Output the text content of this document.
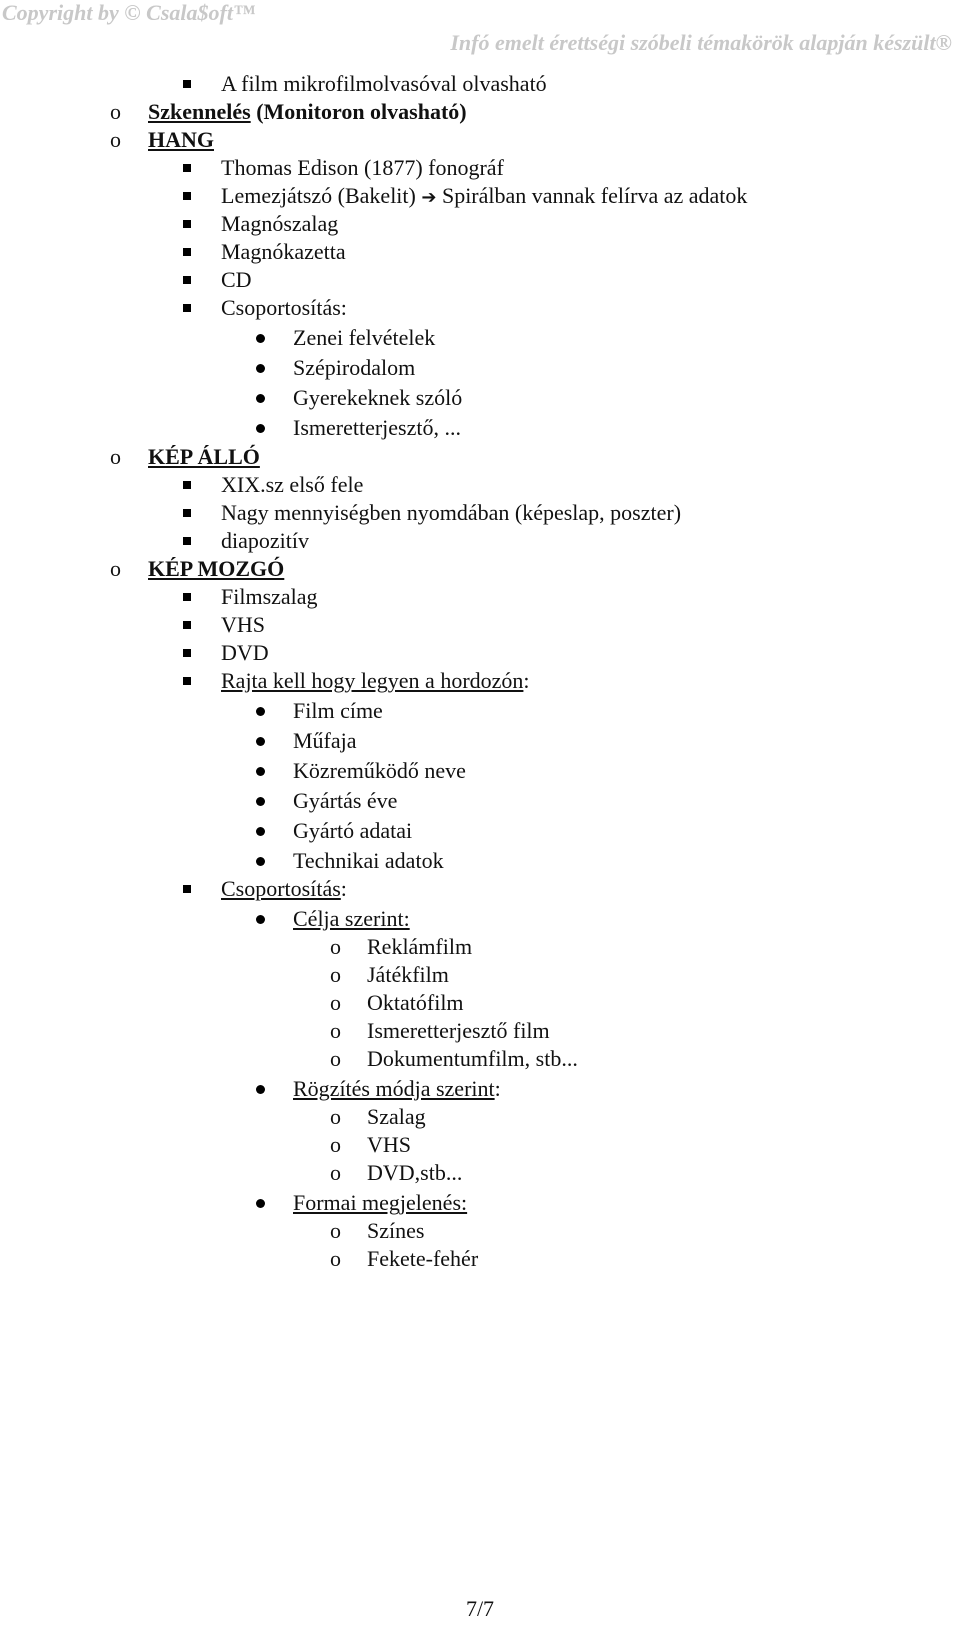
Copyright by © Csala$oft™
Infó emelt érettségi szóbeli témakörök alapján készült®
A film mikrofilmolvasóval olvasható
o Szkennelés (Monitoron olvasható)
o HANG
Thomas Edison (1877) fonográf
Lemezjátszó (Bakelit) ➔ Spirálban vannak felírva az adatok
Magnószalag
Magnókazetta
CD
Csoportosítás:
Zenei felvételek
Szépirodalom
Gyerekeknek szóló
Ismeretterjesztő, ...
o KÉP ÁLLÓ
XIX.sz első fele
Nagy mennyiségben nyomdában (képeslap, poszter)
diapozitív
o KÉP MOZGÓ
Filmszalag
VHS
DVD
Rajta kell hogy legyen a hordozón:
Film címe
Műfaja
Közreműködő neve
Gyártás éve
Gyártó adatai
Technikai adatok
Csoportosítás:
Célja szerint:
o Reklámfilm
o Játékfilm
o Oktatófilm
o Ismeretterjesztő film
o Dokumentumfilm, stb...
Rögzítés módja szerint:
o Szalag
o VHS
o DVD,stb...
Formai megjelenés:
o Színes
o Fekete-fehér
7/7
